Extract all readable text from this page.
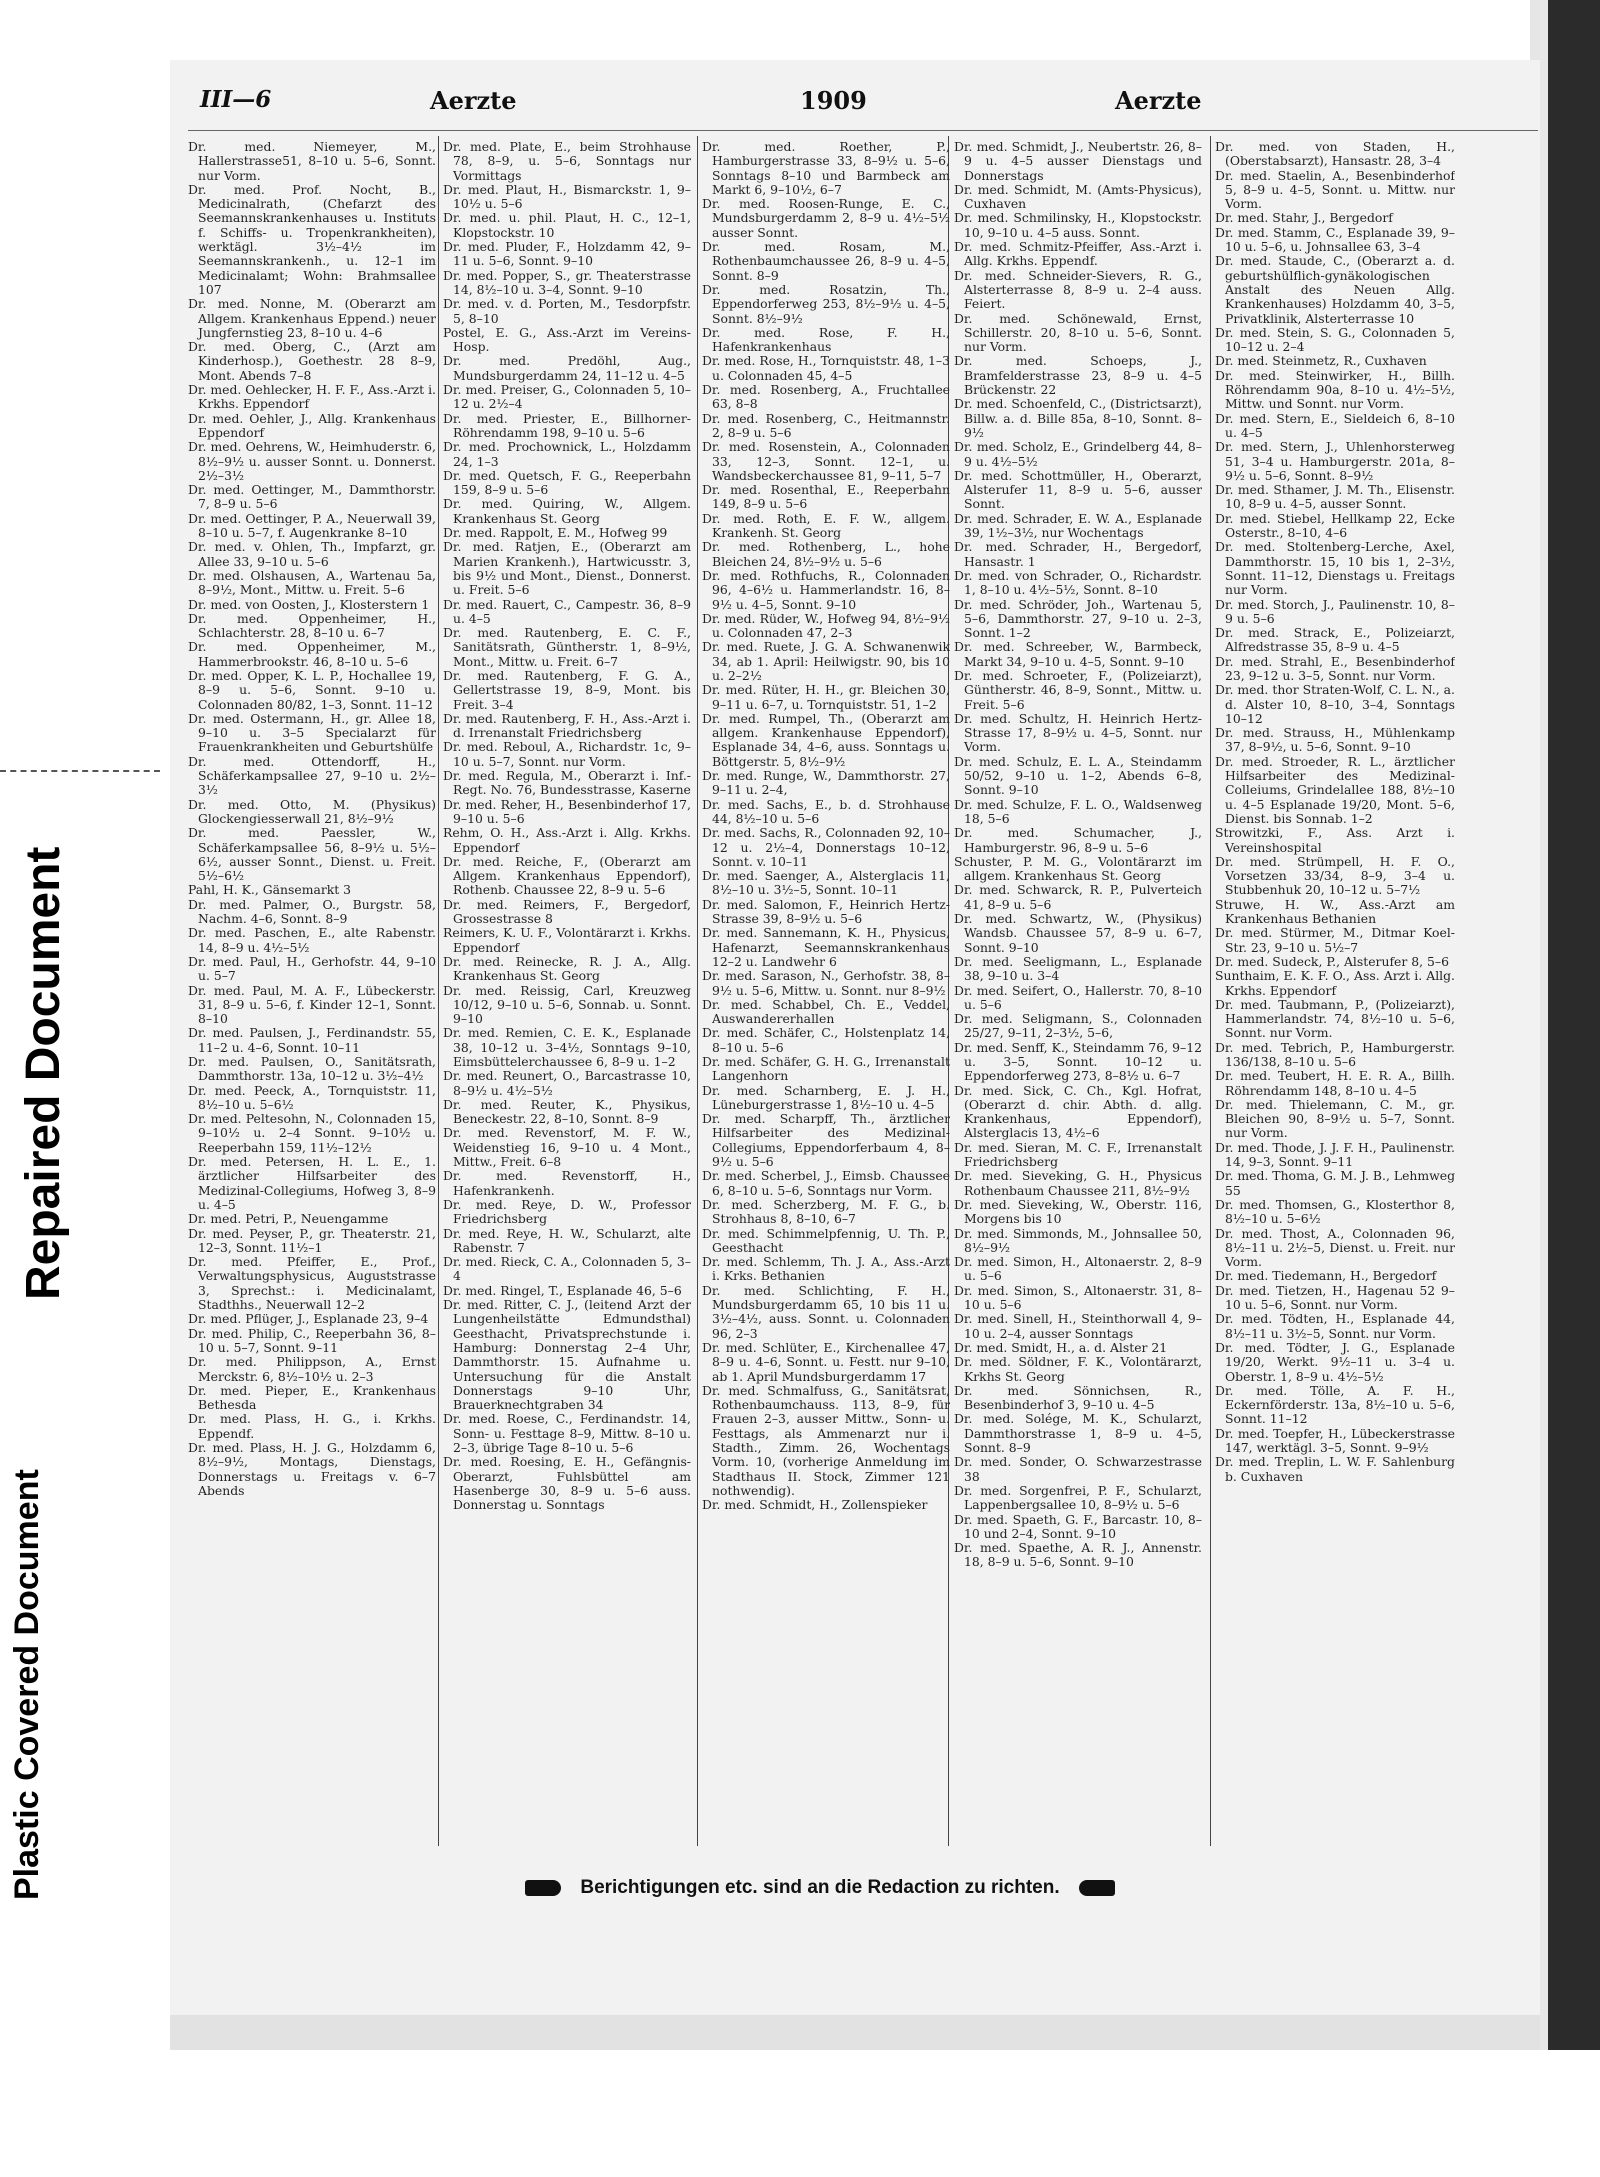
Repaired Document
Plastic Covered Document
III—6	Aerzte	1909	Aerzte
Dr. med. Niemeyer, M., Hallerstrasse51, 8–10 u. 5–6, Sonnt. nur Vorm.
Dr. med. Prof. Nocht, B., Medicinalrath, (Chefarzt des Seemannskrankenhauses u. Instituts f. Schiffs- u. Tropenkrankheiten), werktägl. 3½–4½ im Seemannskrankenh., u. 12–1 im Medicinalamt; Wohn: Brahmsallee 107
Dr. med. Nonne, M. (Oberarzt am Allgem. Krankenhaus Eppend.) neuer Jungfernstieg 23, 8–10 u. 4–6
Dr. med. Oberg, C., (Arzt am Kinderhosp.), Goethestr. 28 8–9, Mont. Abends 7–8
Dr. med. Oehlecker, H. F. F., Ass.-Arzt i. Krkhs. Eppendorf
Dr. med. Oehler, J., Allg. Krankenhaus Eppendorf
Dr. med. Oehrens, W., Heimhuderstr. 6, 8½–9½ u. ausser Sonnt. u. Donnerst. 2½–3½
Dr. med. Oettinger, M., Dammthorstr. 7, 8–9 u. 5–6
Dr. med. Oettinger, P. A., Neuerwall 39, 8–10 u. 5–7, f. Augenkranke 8–10
Dr. med. v. Ohlen, Th., Impfarzt, gr. Allee 33, 9–10 u. 5–6
Dr. med. Olshausen, A., Wartenau 5a, 8–9½, Mont., Mittw. u. Freit. 5–6
Dr. med. von Oosten, J., Klosterstern 1
Dr. med. Oppenheimer, H., Schlachterstr. 28, 8–10 u. 6–7
Dr. med. Oppenheimer, M., Hammerbrookstr. 46, 8–10 u. 5–6
Dr. med. Opper, K. L. P., Hochallee 19, 8–9 u. 5–6, Sonnt. 9–10 u. Colonnaden 80/82, 1–3, Sonnt. 11–12
Dr. med. Ostermann, H., gr. Allee 18, 9–10 u. 3–5 Specialarzt für Frauenkrankheiten und Geburtshülfe
Dr. med. Ottendorff, H., Schäferkampsallee 27, 9–10 u. 2½–3½
Dr. med. Otto, M. (Physikus) Glockengiesserwall 21, 8½–9½
Dr. med. Paessler, W., Schäferkampsallee 56, 8–9½ u. 5½–6½, ausser Sonnt., Dienst. u. Freit. 5½–6½
Pahl, H. K., Gänsemarkt 3
Dr. med. Palmer, O., Burgstr. 58, Nachm. 4–6, Sonnt. 8–9
Dr. med. Paschen, E., alte Rabenstr. 14, 8–9 u. 4½–5½
Dr. med. Paul, H., Gerhofstr. 44, 9–10 u. 5–7
Dr. med. Paul, M. A. F., Lübeckerstr. 31, 8–9 u. 5–6, f. Kinder 12–1, Sonnt. 8–10
Dr. med. Paulsen, J., Ferdinandstr. 55, 11–2 u. 4–6, Sonnt. 10–11
Dr. med. Paulsen, O., Sanitätsrath, Dammthorstr. 13a, 10–12 u. 3½–4½
Dr. med. Peeck, A., Tornquiststr. 11, 8½–10 u. 5–6½
Dr. med. Peltesohn, N., Colonnaden 15, 9–10½ u. 2–4 Sonnt. 9–10½ u. Reeperbahn 159, 11½–12½
Dr. med. Petersen, H. L. E., 1. ärztlicher Hilfsarbeiter des Medizinal-Collegiums, Hofweg 3, 8–9 u. 4–5
Dr. med. Petri, P., Neuengamme
Dr. med. Peyser, P., gr. Theaterstr. 21, 12–3, Sonnt. 11½–1
Dr. med. Pfeiffer, E., Prof., Verwaltungsphysicus, Auguststrasse 3, Sprechst.: i. Medicinalamt, Stadthhs., Neuerwall 12–2
Dr. med. Pflüger, J., Esplanade 23, 9–4
Dr. med. Philip, C., Reeperbahn 36, 8–10 u. 5–7, Sonnt. 9–11
Dr. med. Philippson, A., Ernst Merckstr. 6, 8½–10½ u. 2–3
Dr. med. Pieper, E., Krankenhaus Bethesda
Dr. med. Plass, H. G., i. Krkhs. Eppendf.
Dr. med. Plass, H. J. G., Holzdamm 6, 8½–9½, Montags, Dienstags, Donnerstags u. Freitags v. 6–7 Abends
Dr. med. Plate, E., beim Strohhause 78, 8–9, u. 5–6, Sonntags nur Vormittags
Dr. med. Plaut, H., Bismarckstr. 1, 9–10½ u. 5–6
Dr. med. u. phil. Plaut, H. C., 12–1, Klopstockstr. 10
Dr. med. Pluder, F., Holzdamm 42, 9–11 u. 5–6, Sonnt. 9–10
Dr. med. Popper, S., gr. Theaterstrasse 14, 8½–10 u. 3–4, Sonnt. 9–10
Dr. med. v. d. Porten, M., Tesdorpfstr. 5, 8–10
Postel, E. G., Ass.-Arzt im Vereins-Hosp.
Dr. med. Predöhl, Aug., Mundsburgerdamm 24, 11–12 u. 4–5
Dr. med. Preiser, G., Colonnaden 5, 10–12 u. 2½–4
Dr. med. Priester, E., Billhorner-Röhrendamm 198, 9–10 u. 5–6
Dr. med. Prochownick, L., Holzdamm 24, 1–3
Dr. med. Quetsch, F. G., Reeperbahn 159, 8–9 u. 5–6
Dr. med. Quiring, W., Allgem. Krankenhaus St. Georg
Dr. med. Rappolt, E. M., Hofweg 99
Dr. med. Ratjen, E., (Oberarzt am Marien Krankenh.), Hartwicusstr. 3, bis 9½ und Mont., Dienst., Donnerst. u. Freit. 5–6
Dr. med. Rauert, C., Campestr. 36, 8–9 u. 4–5
Dr. med. Rautenberg, E. C. F., Sanitätsrath, Güntherstr. 1, 8–9½, Mont., Mittw. u. Freit. 6–7
Dr. med. Rautenberg, F. G. A., Gellertstrasse 19, 8–9, Mont. bis Freit. 3–4
Dr. med. Rautenberg, F. H., Ass.-Arzt i. d. Irrenanstalt Friedrichsberg
Dr. med. Reboul, A., Richardstr. 1c, 9–10 u. 5–7, Sonnt. nur Vorm.
Dr. med. Regula, M., Oberarzt i. Inf.-Regt. No. 76, Bundesstrasse, Kaserne
Dr. med. Reher, H., Besenbinderhof 17, 9–10 u. 5–6
Rehm, O. H., Ass.-Arzt i. Allg. Krkhs. Eppendorf
Dr. med. Reiche, F., (Oberarzt am Allgem. Krankenhaus Eppendorf), Rothenb. Chaussee 22, 8–9 u. 5–6
Dr. med. Reimers, F., Bergedorf, Grossestrasse 8
Reimers, K. U. F., Volontärarzt i. Krkhs. Eppendorf
Dr. med. Reinecke, R. J. A., Allg. Krankenhaus St. Georg
Dr. med. Reissig, Carl, Kreuzweg 10/12, 9–10 u. 5–6, Sonnab. u. Sonnt. 9–10
Dr. med. Remien, C. E. K., Esplanade 38, 10–12 u. 3–4½, Sonntags 9–10, Eimsbüttelerchaussee 6, 8–9 u. 1–2
Dr. med. Reunert, O., Barcastrasse 10, 8–9½ u. 4½–5½
Dr. med. Reuter, K., Physikus, Beneckestr. 22, 8–10, Sonnt. 8–9
Dr. med. Revenstorf, M. F. W., Weidenstieg 16, 9–10 u. 4 Mont., Mittw., Freit. 6–8
Dr. med. Revenstorff, H., Hafenkrankenh.
Dr. med. Reye, D. W., Professor Friedrichsberg
Dr. med. Reye, H. W., Schularzt, alte Rabenstr. 7
Dr. med. Rieck, C. A., Colonnaden 5, 3–4
Dr. med. Ringel, T., Esplanade 46, 5–6
Dr. med. Ritter, C. J., (leitend Arzt der Lungenheilstätte Edmundsthal) Geesthacht, Privatsprechstunde i. Hamburg: Donnerstag 2–4 Uhr, Dammthorstr. 15. Aufnahme u. Untersuchung für die Anstalt Donnerstags 9–10 Uhr, Brauerknechtgraben 34
Dr. med. Roese, C., Ferdinandstr. 14, Sonn- u. Festtage 8–9, Mittw. 8–10 u. 2–3, übrige Tage 8–10 u. 5–6
Dr. med. Roesing, E. H., Gefängnis-Oberarzt, Fuhlsbüttel am Hasenberge 30, 8–9 u. 5–6 auss. Donnerstag u. Sonntags
Dr. med. Roether, P., Hamburgerstrasse 33, 8–9½ u. 5–6, Sonntags 8–10 und Barmbeck am Markt 6, 9–10½, 6–7
Dr. med. Roosen-Runge, E. C., Mundsburgerdamm 2, 8–9 u. 4½–5½ ausser Sonnt.
Dr. med. Rosam, M., Rothenbaumchaussee 26, 8–9 u. 4–5, Sonnt. 8–9
Dr. med. Rosatzin, Th., Eppendorferweg 253, 8½–9½ u. 4–5, Sonnt. 8½–9½
Dr. med. Rose, F. H., Hafenkrankenhaus
Dr. med. Rose, H., Tornquiststr. 48, 1–3 u. Colonnaden 45, 4–5
Dr. med. Rosenberg, A., Fruchtallee 63, 8–8
Dr. med. Rosenberg, C., Heitmannstr. 2, 8–9 u. 5–6
Dr. med. Rosenstein, A., Colonnaden 33, 12–3, Sonnt. 12–1, u. Wandsbeckerchaussee 81, 9–11, 5–7
Dr. med. Rosenthal, E., Reeperbahn 149, 8–9 u. 5–6
Dr. med. Roth, E. F. W., allgem. Krankenh. St. Georg
Dr. med. Rothenberg, L., hohe Bleichen 24, 8½–9½ u. 5–6
Dr. med. Rothfuchs, R., Colonnaden 96, 4–6½ u. Hammerlandstr. 16, 8–9½ u. 4–5, Sonnt. 9–10
Dr. med. Rüder, W., Hofweg 94, 8½–9½ u. Colonnaden 47, 2–3
Dr. med. Ruete, J. G. A. Schwanenwik 34, ab 1. April: Heilwigstr. 90, bis 10 u. 2–2½
Dr. med. Rüter, H. H., gr. Bleichen 30, 9–11 u. 6–7, u. Tornquiststr. 51, 1–2
Dr. med. Rumpel, Th., (Oberarzt am allgem. Krankenhause Eppendorf), Esplanade 34, 4–6, auss. Sonntags u. Böttgerstr. 5, 8½–9½
Dr. med. Runge, W., Dammthorstr. 27, 9–11 u. 2–4,
Dr. med. Sachs, E., b. d. Strohhause 44, 8½–10 u. 5–6
Dr. med. Sachs, R., Colonnaden 92, 10–12 u. 2½–4, Donnerstags 10–12, Sonnt. v. 10–11
Dr. med. Saenger, A., Alsterglacis 11, 8½–10 u. 3½–5, Sonnt. 10–11
Dr. med. Salomon, F., Heinrich Hertz-Strasse 39, 8–9½ u. 5–6
Dr. med. Sannemann, K. H., Physicus, Hafenarzt, Seemannskrankenhaus 12–2 u. Landwehr 6
Dr. med. Sarason, N., Gerhofstr. 38, 8–9½ u. 5–6, Mittw. u. Sonnt. nur 8–9½
Dr. med. Schabbel, Ch. E., Veddel, Auswandererhallen
Dr. med. Schäfer, C., Holstenplatz 14, 8–10 u. 5–6
Dr. med. Schäfer, G. H. G., Irrenanstalt Langenhorn
Dr. med. Scharnberg, E. J. H., Lüneburgerstrasse 1, 8½–10 u. 4–5
Dr. med. Scharpff, Th., ärztlicher Hilfsarbeiter des Medizinal-Collegiums, Eppendorferbaum 4, 8–9½ u. 5–6
Dr. med. Scherbel, J., Eimsb. Chaussee 6, 8–10 u. 5–6, Sonntags nur Vorm.
Dr. med. Scherzberg, M. F. G., b. Strohhaus 8, 8–10, 6–7
Dr. med. Schimmelpfennig, U. Th. P., Geesthacht
Dr. med. Schlemm, Th. J. A., Ass.-Arzt i. Krks. Bethanien
Dr. med. Schlichting, F. H., Mundsburgerdamm 65, 10 bis 11 u. 3½–4½, auss. Sonnt. u. Colonnaden 96, 2–3
Dr. med. Schlüter, E., Kirchenallee 47, 8–9 u. 4–6, Sonnt. u. Festt. nur 9–10, ab 1. April Mundsburgerdamm 17
Dr. med. Schmalfuss, G., Sanitätsrat, Rothenbaumchauss. 113, 8–9, für Frauen 2–3, ausser Mittw., Sonn- u. Festtags, als Ammenarzt nur i. Stadth., Zimm. 26, Wochentags Vorm. 10, (vorherige Anmeldung im Stadthaus II. Stock, Zimmer 121 nothwendig).
Dr. med. Schmidt, H., Zollenspieker
Dr. med. Schmidt, J., Neubertstr. 26, 8–9 u. 4–5 ausser Dienstags und Donnerstags
Dr. med. Schmidt, M. (Amts-Physicus), Cuxhaven
Dr. med. Schmilinsky, H., Klopstockstr. 10, 9–10 u. 4–5 auss. Sonnt.
Dr. med. Schmitz-Pfeiffer, Ass.-Arzt i. Allg. Krkhs. Eppendf.
Dr. med. Schneider-Sievers, R. G., Alsterterrasse 8, 8–9 u. 2–4 auss. Feiert.
Dr. med. Schönewald, Ernst, Schillerstr. 20, 8–10 u. 5–6, Sonnt. nur Vorm.
Dr. med. Schoeps, J., Bramfelderstrasse 23, 8–9 u. 4–5 Brückenstr. 22
Dr. med. Schoenfeld, C., (Districtsarzt), Billw. a. d. Bille 85a, 8–10, Sonnt. 8–9½
Dr. med. Scholz, E., Grindelberg 44, 8–9 u. 4½–5½
Dr. med. Schottmüller, H., Oberarzt, Alsterufer 11, 8–9 u. 5–6, ausser Sonnt.
Dr. med. Schrader, E. W. A., Esplanade 39, 1½–3½, nur Wochentags
Dr. med. Schrader, H., Bergedorf, Hansastr. 1
Dr. med. von Schrader, O., Richardstr. 1, 8–10 u. 4½–5½, Sonnt. 8–10
Dr. med. Schröder, Joh., Wartenau 5, 5–6, Dammthorstr. 27, 9–10 u. 2–3, Sonnt. 1–2
Dr. med. Schreeber, W., Barmbeck, Markt 34, 9–10 u. 4–5, Sonnt. 9–10
Dr. med. Schroeter, F., (Polizeiarzt), Güntherstr. 46, 8–9, Sonnt., Mittw. u. Freit. 5–6
Dr. med. Schultz, H. Heinrich Hertz-Strasse 17, 8–9½ u. 4–5, Sonnt. nur Vorm.
Dr. med. Schulz, E. L. A., Steindamm 50/52, 9–10 u. 1–2, Abends 6–8, Sonnt. 9–10
Dr. med. Schulze, F. L. O., Waldsenweg 18, 5–6
Dr. med. Schumacher, J., Hamburgerstr. 96, 8–9 u. 5–6
Schuster, P. M. G., Volontärarzt im allgem. Krankenhaus St. Georg
Dr. med. Schwarck, R. P., Pulverteich 41, 8–9 u. 5–6
Dr. med. Schwartz, W., (Physikus) Wandsb. Chaussee 57, 8–9 u. 6–7, Sonnt. 9–10
Dr. med. Seeligmann, L., Esplanade 38, 9–10 u. 3–4
Dr. med. Seifert, O., Hallerstr. 70, 8–10 u. 5–6
Dr. med. Seligmann, S., Colonnaden 25/27, 9–11, 2–3½, 5–6,
Dr. med. Senff, K., Steindamm 76, 9–12 u. 3–5, Sonnt. 10–12 u. Eppendorferweg 273, 8–8½ u. 6–7
Dr. med. Sick, C. Ch., Kgl. Hofrat, (Oberarzt d. chir. Abth. d. allg. Krankenhaus, Eppendorf), Alsterglacis 13, 4½–6
Dr. med. Sieran, M. C. F., Irrenanstalt Friedrichsberg
Dr. med. Sieveking, G. H., Physicus Rothenbaum Chaussee 211, 8½–9½
Dr. med. Sieveking, W., Oberstr. 116, Morgens bis 10
Dr. med. Simmonds, M., Johnsallee 50, 8½–9½
Dr. med. Simon, H., Altonaerstr. 2, 8–9 u. 5–6
Dr. med. Simon, S., Altonaerstr. 31, 8–10 u. 5–6
Dr. med. Sinell, H., Steinthorwall 4, 9–10 u. 2–4, ausser Sonntags
Dr. med. Smidt, H., a. d. Alster 21
Dr. med. Söldner, F. K., Volontärarzt, Krkhs St. Georg
Dr. med. Sönnichsen, R., Besenbinderhof 3, 9–10 u. 4–5
Dr. med. Solége, M. K., Schularzt, Dammthorstrasse 1, 8–9 u. 4–5, Sonnt. 8–9
Dr. med. Sonder, O. Schwarzestrasse 38
Dr. med. Sorgenfrei, P. F., Schularzt, Lappenbergsallee 10, 8–9½ u. 5–6
Dr. med. Spaeth, G. F., Barcastr. 10, 8–10 und 2–4, Sonnt. 9–10
Dr. med. Spaethe, A. R. J., Annenstr. 18, 8–9 u. 5–6, Sonnt. 9–10
Dr. med. von Staden, H., (Oberstabsarzt), Hansastr. 28, 3–4
Dr. med. Staelin, A., Besenbinderhof 5, 8–9 u. 4–5, Sonnt. u. Mittw. nur Vorm.
Dr. med. Stahr, J., Bergedorf
Dr. med. Stamm, C., Esplanade 39, 9–10 u. 5–6, u. Johnsallee 63, 3–4
Dr. med. Staude, C., (Oberarzt a. d. geburtshülflich-gynäkologischen Anstalt des Neuen Allg. Krankenhauses) Holzdamm 40, 3–5, Privatklinik, Alsterterrasse 10
Dr. med. Stein, S. G., Colonnaden 5, 10–12 u. 2–4
Dr. med. Steinmetz, R., Cuxhaven
Dr. med. Steinwirker, H., Billh. Röhrendamm 90a, 8–10 u. 4½–5½, Mittw. und Sonnt. nur Vorm.
Dr. med. Stern, E., Sieldeich 6, 8–10 u. 4–5
Dr. med. Stern, J., Uhlenhorsterweg 51, 3–4 u. Hamburgerstr. 201a, 8–9½ u. 5–6, Sonnt. 8–9½
Dr. med. Sthamer, J. M. Th., Elisenstr. 10, 8–9 u. 4–5, ausser Sonnt.
Dr. med. Stiebel, Hellkamp 22, Ecke Osterstr., 8–10, 4–6
Dr. med. Stoltenberg-Lerche, Axel, Dammthorstr. 15, 10 bis 1, 2–3½, Sonnt. 11–12, Dienstags u. Freitags nur Vorm.
Dr. med. Storch, J., Paulinenstr. 10, 8–9 u. 5–6
Dr. med. Strack, E., Polizeiarzt, Alfredstrasse 35, 8–9 u. 4–5
Dr. med. Strahl, E., Besenbinderhof 23, 9–12 u. 3–5, Sonnt. nur Vorm.
Dr. med. thor Straten-Wolf, C. L. N., a. d. Alster 10, 8–10, 3–4, Sonntags 10–12
Dr. med. Strauss, H., Mühlenkamp 37, 8–9½, u. 5–6, Sonnt. 9–10
Dr. med. Stroeder, R. L., ärztlicher Hilfsarbeiter des Medizinal-Colleiums, Grindelallee 188, 8½–10 u. 4–5 Esplanade 19/20, Mont. 5–6, Dienst. bis Sonnab. 1–2
Strowitzki, F., Ass. Arzt i. Vereinshospital
Dr. med. Strümpell, H. F. O., Vorsetzen 33/34, 8–9, 3–4 u. Stubbenhuk 20, 10–12 u. 5–7½
Struwe, H. W., Ass.-Arzt am Krankenhaus Bethanien
Dr. med. Stürmer, M., Ditmar Koel-Str. 23, 9–10 u. 5½–7
Dr. med. Sudeck, P., Alsterufer 8, 5–6
Sunthaim, E. K. F. O., Ass. Arzt i. Allg. Krkhs. Eppendorf
Dr. med. Taubmann, P., (Polizeiarzt), Hammerlandstr. 74, 8½–10 u. 5–6, Sonnt. nur Vorm.
Dr. med. Tebrich, P., Hamburgerstr. 136/138, 8–10 u. 5–6
Dr. med. Teubert, H. E. R. A., Billh. Röhrendamm 148, 8–10 u. 4–5
Dr. med. Thielemann, C. M., gr. Bleichen 90, 8–9½ u. 5–7, Sonnt. nur Vorm.
Dr. med. Thode, J. J. F. H., Paulinenstr. 14, 9–3, Sonnt. 9–11
Dr. med. Thoma, G. M. J. B., Lehmweg 55
Dr. med. Thomsen, G., Klosterthor 8, 8½–10 u. 5–6½
Dr. med. Thost, A., Colonnaden 96, 8½–11 u. 2½–5, Dienst. u. Freit. nur Vorm.
Dr. med. Tiedemann, H., Bergedorf
Dr. med. Tietzen, H., Hagenau 52 9–10 u. 5–6, Sonnt. nur Vorm.
Dr. med. Tödten, H., Esplanade 44, 8½–11 u. 3½–5, Sonnt. nur Vorm.
Dr. med. Tödter, J. G., Esplanade 19/20, Werkt. 9½–11 u. 3–4 u. Oberstr. 1, 8–9 u. 4½–5½
Dr. med. Tölle, A. F. H., Eckernförderstr. 13a, 8½–10 u. 5–6, Sonnt. 11–12
Dr. med. Toepfer, H., Lübeckerstrasse 147, werktägl. 3–5, Sonnt. 9–9½
Dr. med. Treplin, L. W. F. Sahlenburg b. Cuxhaven
Berichtigungen etc. sind an die Redaction zu richten.
